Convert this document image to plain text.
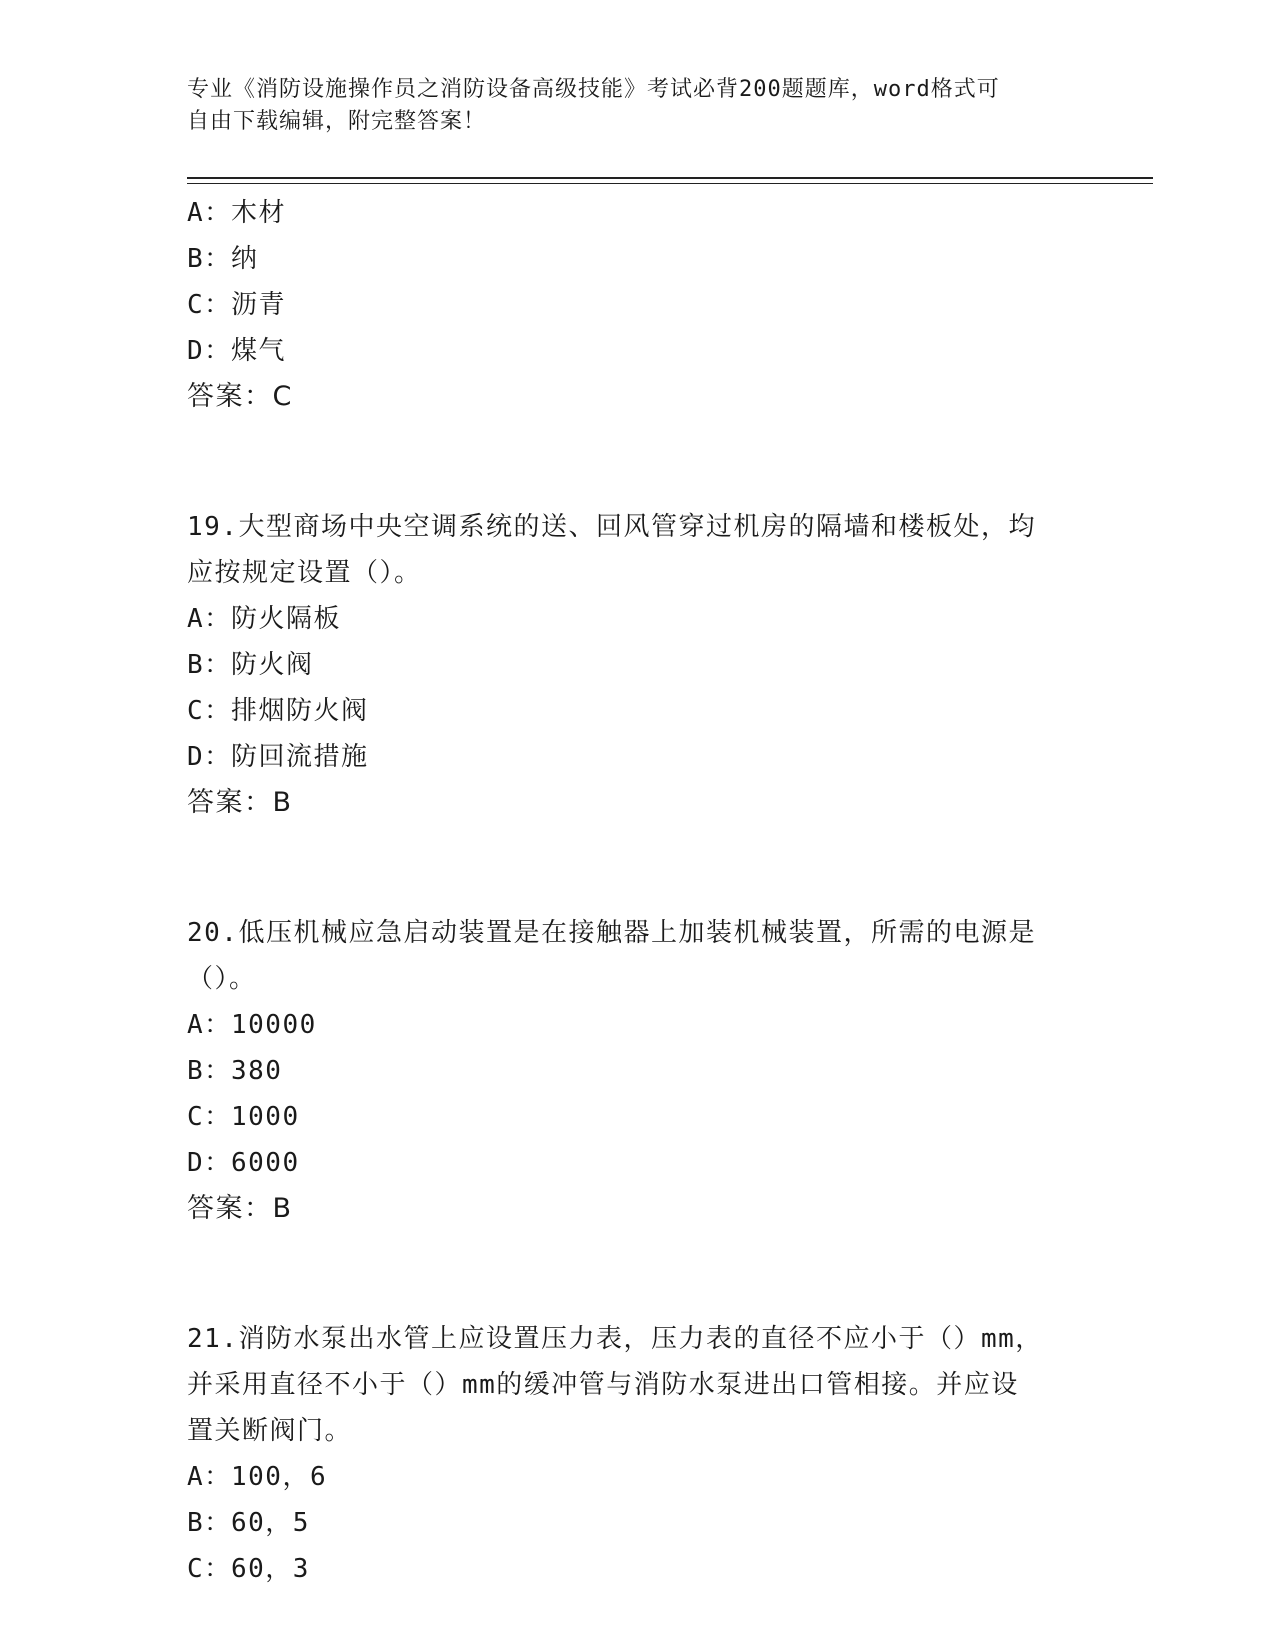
专业《消防设施操作员之消防设备高级技能》考试必背200题题库，word格式可
自由下载编辑，附完整答案！
A：木材
B：纳
C：沥青
D：煤气
答案：C
19.大型商场中央空调系统的送、回风管穿过机房的隔墙和楼板处，均
应按规定设置（）。
A：防火隔板
B：防火阀
C：排烟防火阀
D：防回流措施
答案：B
20.低压机械应急启动装置是在接触器上加装机械装置，所需的电源是
（）。
A：10000
B：380
C：1000
D：6000
答案：B
21.消防水泵出水管上应设置压力表，压力表的直径不应小于（）mm，
并采用直径不小于（）mm的缓冲管与消防水泵进出口管相接。并应设
置关断阀门。
A：100，6
B：60，5
C：60，3
